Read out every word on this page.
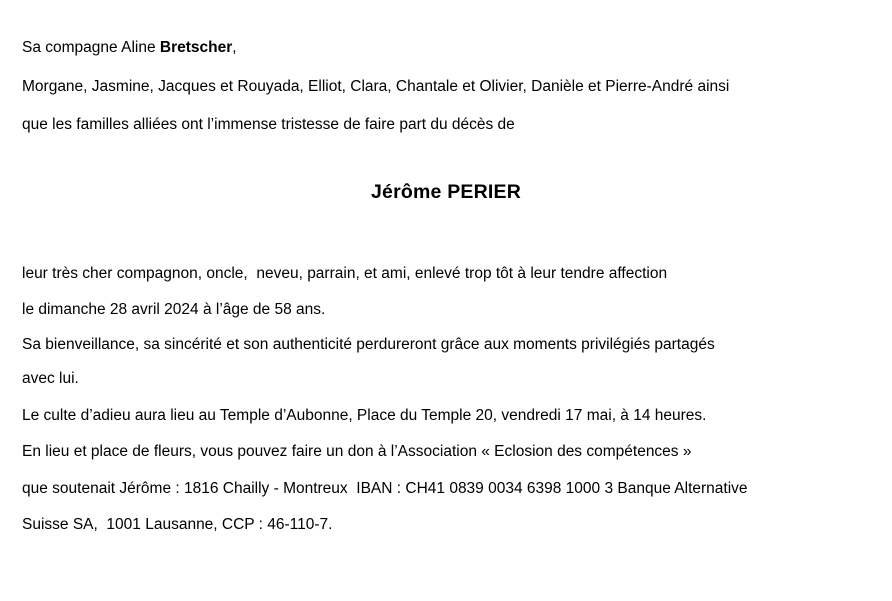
Sa compagne Aline Bretscher,

Morgane, Jasmine, Jacques et Rouyada, Elliot, Clara, Chantale et Olivier, Danièle et Pierre-André ainsi

que les familles alliées ont l’immense tristesse de faire part du décès de

Jérôme PERIER

leur très cher compagnon, oncle,  neveu, parrain, et ami, enlevé trop tôt à leur tendre affection

le dimanche 28 avril 2024 à l’âge de 58 ans.

Sa bienveillance, sa sincérité et son authenticité perdureront grâce aux moments privilégiés partagés

avec lui.

Le culte d’adieu aura lieu au Temple d’Aubonne, Place du Temple 20, vendredi 17 mai, à 14 heures.

En lieu et place de fleurs, vous pouvez faire un don à l’Association « Eclosion des compétences »

que soutenait Jérôme : 1816 Chailly - Montreux  IBAN : CH41 0839 0034 6398 1000 3 Banque Alternative

Suisse SA,  1001 Lausanne, CCP : 46-110-7.
